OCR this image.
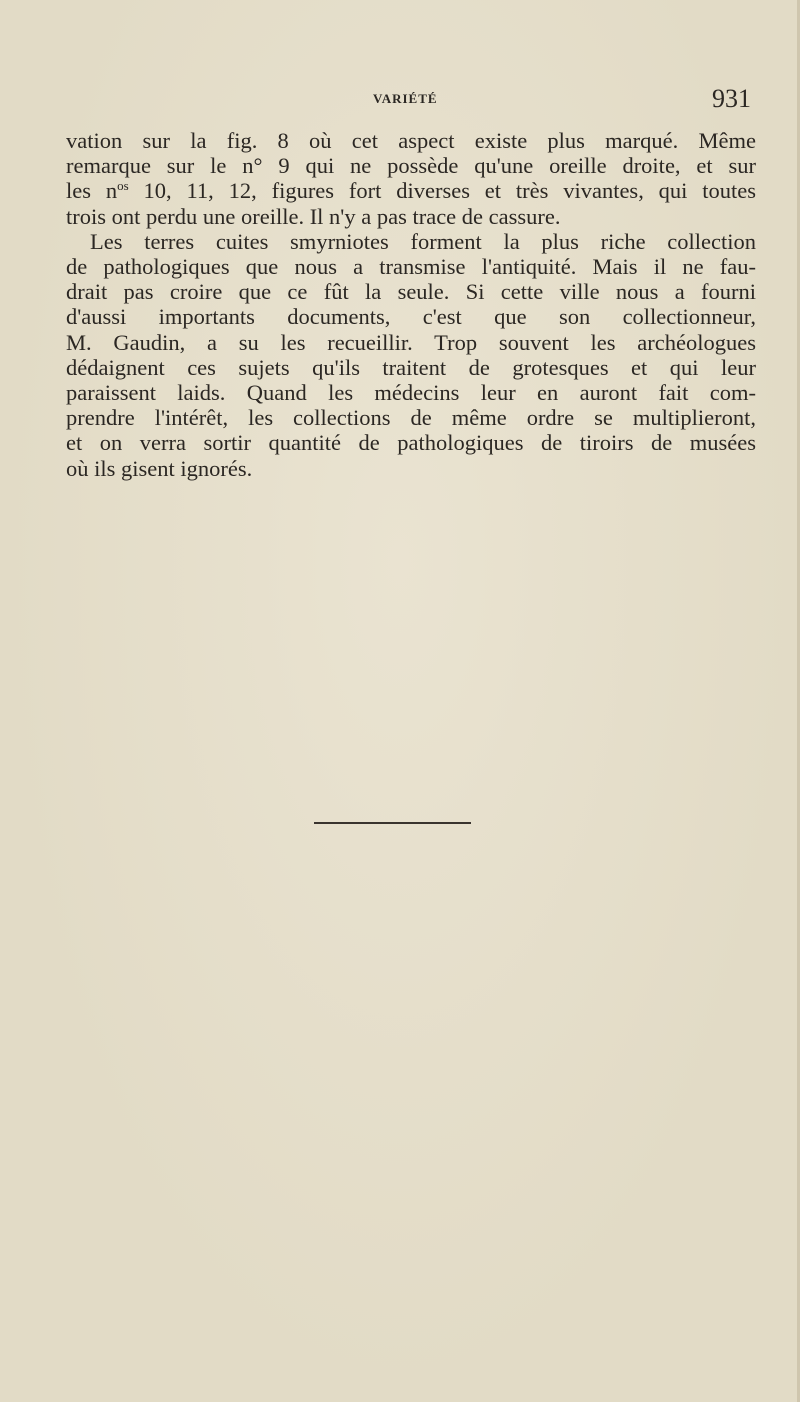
VARIÉTÉ	931
vation sur la fig. 8 où cet aspect existe plus marqué. Même
remarque sur le n° 9 qui ne possède qu'une oreille droite, et sur
les $n^{os}$ 10, 11, 12, figures fort diverses et très vivantes, qui toutes
trois ont perdu une oreille. Il n'y a pas trace de cassure.
Les terres cuites smyrniotes forment la plus riche collection
de pathologiques que nous a transmise l'antiquité. Mais il ne fau-
drait pas croire que ce fût la seule. Si cette ville nous a fourni
d'aussi importants documents, c'est que son collectionneur,
M. Gaudin, a su les recueillir. Trop souvent les archéologues
dédaignent ces sujets qu'ils traitent de grotesques et qui leur
paraissent laids. Quand les médecins leur en auront fait com-
prendre l'intérêt, les collections de même ordre se multiplieront,
et on verra sortir quantité de pathologiques de tiroirs de musées
où ils gisent ignorés.
